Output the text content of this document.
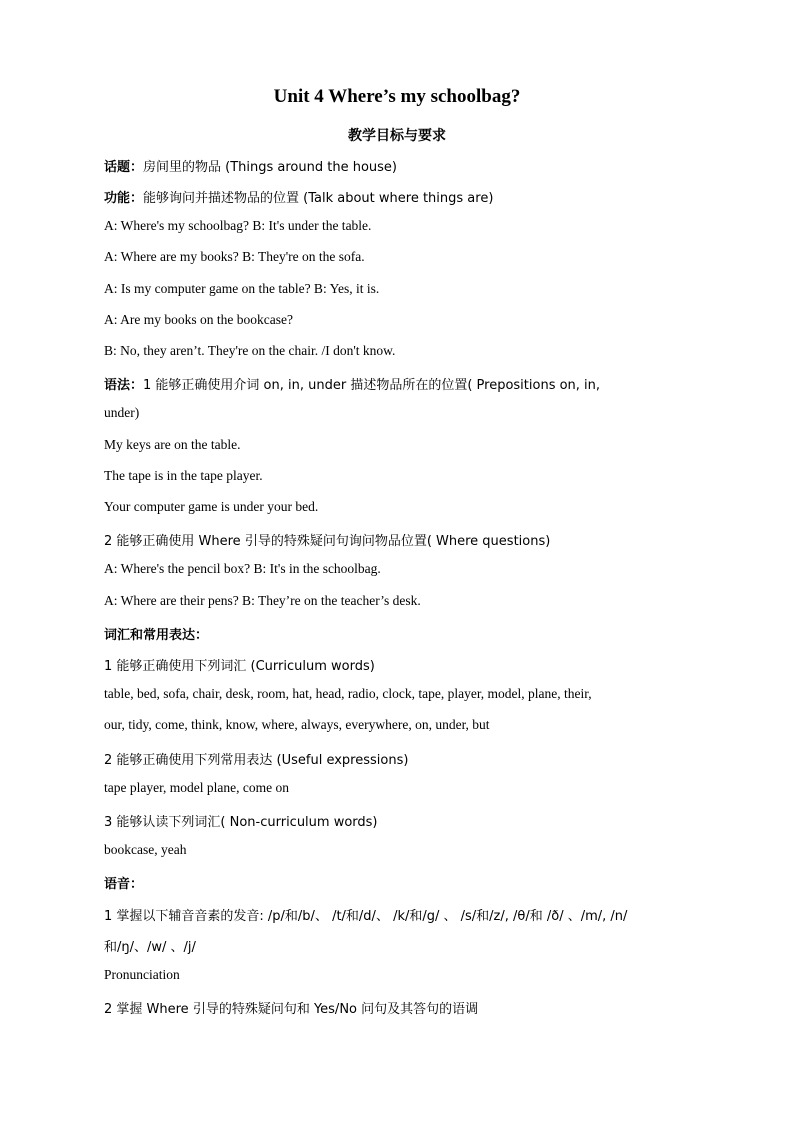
Unit 4 Where’s my schoolbag?
教学目标与要求
话题：房间里的物品 (Things around the house)
功能：能够询问并描述物品的位置 (Talk about where things are)
A: Where's my schoolbag? B: It's under the table.
A: Where are my books? B: They're on the sofa.
A: Is my computer game on the table? B: Yes, it is.
A: Are my books on the bookcase?
B: No, they aren’t. They're on the chair. /I don't know.
语法：1 能够正确使用介词 on, in, under 描述物品所在的位置( Prepositions on, in,
under)
My keys are on the table.
The tape is in the tape player.
Your computer game is under your bed.
2 能够正确使用 Where 引导的特殊疑问句询问物品位置( Where questions)
A: Where's the pencil box? B: It's in the schoolbag.
A: Where are their pens? B: They’re on the teacher’s desk.
词汇和常用表达：
1 能够正确使用下列词汇 (Curriculum words)
table, bed, sofa, chair, desk, room, hat, head, radio, clock, tape, player, model, plane, their,
our, tidy, come, think, know, where, always, everywhere, on, under, but
2 能够正确使用下列常用表达 (Useful expressions)
tape player, model plane, come on
3 能够认读下列词汇( Non-curriculum words)
bookcase, yeah
语音：
1 掌握以下辅音音素的发音: /p/和/b/、 /t/和/d/、 /k/和/g/ 、 /s/和/z/, /θ/和 /ð/ 、/m/, /n/
和/ŋ/、/w/ 、/j/
Pronunciation
2 掌握 Where 引导的特殊疑问句和 Yes/No 问句及其答句的语调
